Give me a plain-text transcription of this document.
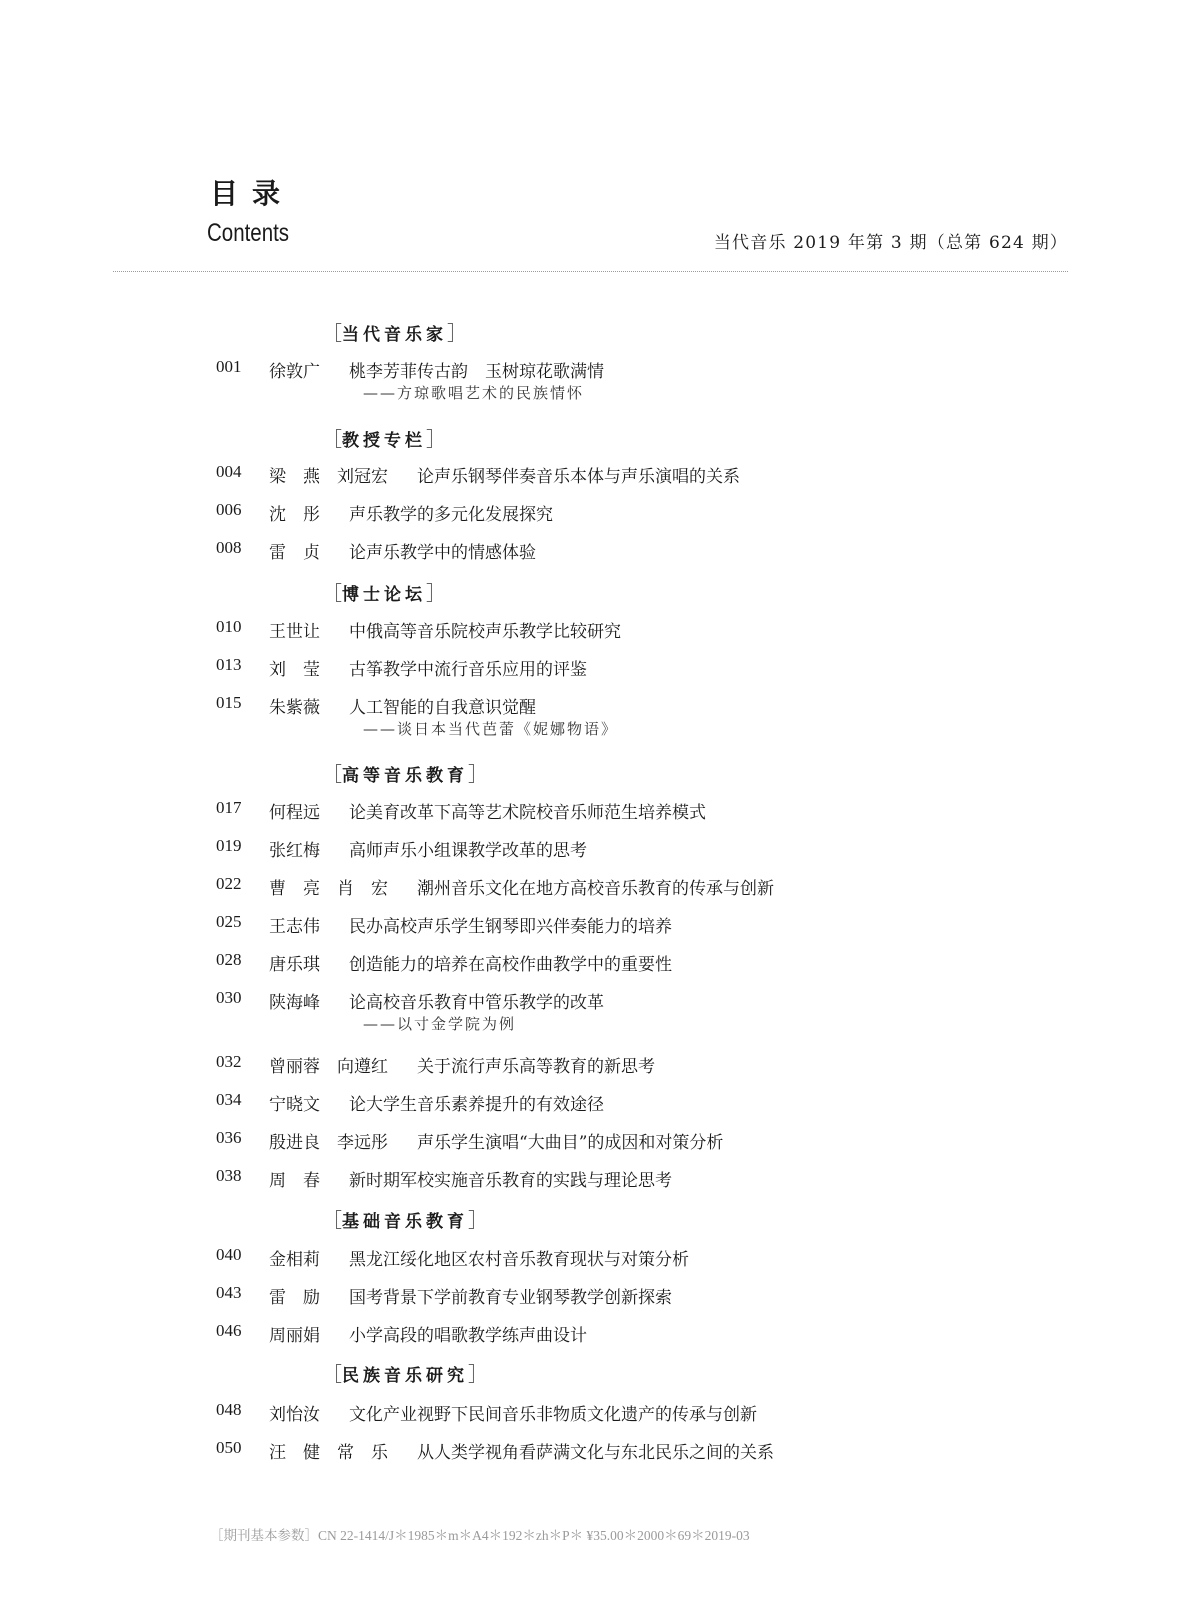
目录
Contents	当代音乐 2019 年第 3 期（总第 624 期）
［当代音乐家］
001	徐敦广 桃李芳菲传古韵　玉树琼花歌满情
——方琼歌唱艺术的民族情怀
［教授专栏］
004	梁　燕 刘冠宏 论声乐钢琴伴奏音乐本体与声乐演唱的关系
006	沈　彤 声乐教学的多元化发展探究
008	雷　贞 论声乐教学中的情感体验
［博士论坛］
010	王世让 中俄高等音乐院校声乐教学比较研究
013	刘　莹 古筝教学中流行音乐应用的评鉴
015	朱紫薇 人工智能的自我意识觉醒
——谈日本当代芭蕾《妮娜物语》
［高等音乐教育］
017	何程远 论美育改革下高等艺术院校音乐师范生培养模式
019	张红梅 高师声乐小组课教学改革的思考
022	曹　亮 肖　宏 潮州音乐文化在地方高校音乐教育的传承与创新
025	王志伟 民办高校声乐学生钢琴即兴伴奏能力的培养
028	唐乐琪 创造能力的培养在高校作曲教学中的重要性
030	陕海峰 论高校音乐教育中管乐教学的改革
——以寸金学院为例
032	曾丽蓉 向遵红 关于流行声乐高等教育的新思考
034	宁晓文 论大学生音乐素养提升的有效途径
036	殷进良 李远彤 声乐学生演唱“大曲目”的成因和对策分析
038	周　春 新时期军校实施音乐教育的实践与理论思考
［基础音乐教育］
040	金相莉 黑龙江绥化地区农村音乐教育现状与对策分析
043	雷　励 国考背景下学前教育专业钢琴教学创新探索
046	周丽娟 小学高段的唱歌教学练声曲设计
［民族音乐研究］
048	刘怡汝 文化产业视野下民间音乐非物质文化遗产的传承与创新
050	汪　健 常　乐 从人类学视角看萨满文化与东北民乐之间的关系
［期刊基本参数］CN 22-1414/J＊1985＊m＊A4＊192＊zh＊P＊ ¥35.00＊2000＊69＊2019-03
